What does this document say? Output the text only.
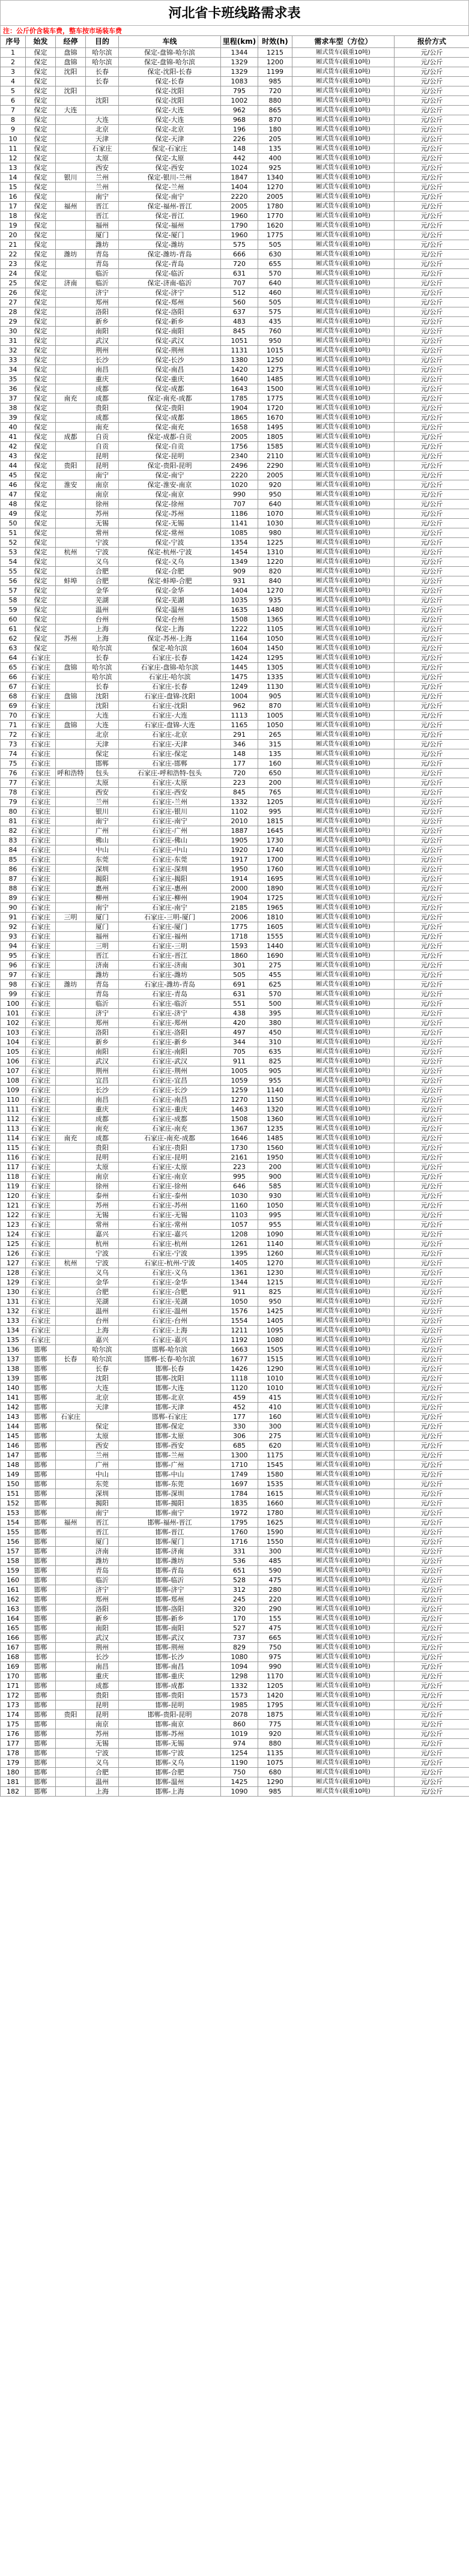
河北省卡班线路需求表
注：公斤价含装车费，整车按市场装车费
序号	始发	经停	目的	车线	里程(km)	时效(h)	需求车型（方位）	报价方式
1	保定	盘锦	哈尔滨	保定-盘锦-哈尔滨	1344	1215	厢式货车(载重10吨)	元/公斤
2	保定	盘锦	哈尔滨	保定-盘锦-哈尔滨	1329	1200	厢式货车(载重10吨)	元/公斤
3	保定	沈阳	长春	保定-沈阳-长春	1329	1199	厢式货车(载重10吨)	元/公斤
4	保定		长春	保定-长春	1083	985	厢式货车(载重10吨)	元/公斤
5	保定	沈阳		保定-沈阳	795	720	厢式货车(载重10吨)	元/公斤
6	保定		沈阳	保定-沈阳	1002	880	厢式货车(载重10吨)	元/公斤
7	保定	大连		保定-大连	962	865	厢式货车(载重10吨)	元/公斤
8	保定		大连	保定-大连	968	870	厢式货车(载重10吨)	元/公斤
9	保定		北京	保定-北京	196	180	厢式货车(载重10吨)	元/公斤
10	保定		天津	保定-天津	226	205	厢式货车(载重10吨)	元/公斤
11	保定		石家庄	保定-石家庄	148	135	厢式货车(载重10吨)	元/公斤
12	保定		太原	保定-太原	442	400	厢式货车(载重10吨)	元/公斤
13	保定		西安	保定-西安	1024	925	厢式货车(载重10吨)	元/公斤
14	保定	银川	兰州	保定-银川-兰州	1847	1340	厢式货车(载重10吨)	元/公斤
15	保定		兰州	保定-兰州	1404	1270	厢式货车(载重10吨)	元/公斤
16	保定		南宁	保定-南宁	2220	2005	厢式货车(载重10吨)	元/公斤
17	保定	福州	晋江	保定-福州-晋江	2005	1780	厢式货车(载重10吨)	元/公斤
18	保定		晋江	保定-晋江	1960	1770	厢式货车(载重10吨)	元/公斤
19	保定		福州	保定-福州	1790	1620	厢式货车(载重10吨)	元/公斤
20	保定		厦门	保定-厦门	1960	1775	厢式货车(载重10吨)	元/公斤
21	保定		潍坊	保定-潍坊	575	505	厢式货车(载重10吨)	元/公斤
22	保定	潍坊	青岛	保定-潍坊-青岛	666	630	厢式货车(载重10吨)	元/公斤
23	保定		青岛	保定-青岛	720	655	厢式货车(载重10吨)	元/公斤
24	保定		临沂	保定-临沂	631	570	厢式货车(载重10吨)	元/公斤
25	保定	济南	临沂	保定-济南-临沂	707	640	厢式货车(载重10吨)	元/公斤
26	保定		济宁	保定-济宁	512	460	厢式货车(载重10吨)	元/公斤
27	保定		郑州	保定-郑州	560	505	厢式货车(载重10吨)	元/公斤
28	保定		洛阳	保定-洛阳	637	575	厢式货车(载重10吨)	元/公斤
29	保定		新乡	保定-新乡	483	435	厢式货车(载重10吨)	元/公斤
30	保定		南阳	保定-南阳	845	760	厢式货车(载重10吨)	元/公斤
31	保定		武汉	保定-武汉	1051	950	厢式货车(载重10吨)	元/公斤
32	保定		荆州	保定-荆州	1131	1015	厢式货车(载重10吨)	元/公斤
33	保定		长沙	保定-长沙	1380	1250	厢式货车(载重10吨)	元/公斤
34	保定		南昌	保定-南昌	1420	1275	厢式货车(载重10吨)	元/公斤
35	保定		重庆	保定-重庆	1640	1485	厢式货车(载重10吨)	元/公斤
36	保定		成都	保定-成都	1643	1500	厢式货车(载重10吨)	元/公斤
37	保定	南充	成都	保定-南充-成都	1785	1775	厢式货车(载重10吨)	元/公斤
38	保定		贵阳	保定-贵阳	1904	1720	厢式货车(载重10吨)	元/公斤
39	保定		成都	保定-成都	1865	1670	厢式货车(载重10吨)	元/公斤
40	保定		南充	保定-南充	1658	1495	厢式货车(载重10吨)	元/公斤
41	保定	成都	自贡	保定-成都-自贡	2005	1805	厢式货车(载重10吨)	元/公斤
42	保定		自贡	保定-自贡	1756	1585	厢式货车(载重10吨)	元/公斤
43	保定		昆明	保定-昆明	2340	2110	厢式货车(载重10吨)	元/公斤
44	保定	贵阳	昆明	保定-贵阳-昆明	2496	2290	厢式货车(载重10吨)	元/公斤
45	保定		南宁	保定-南宁	2220	2005	厢式货车(载重10吨)	元/公斤
46	保定	淮安	南京	保定-淮安-南京	1020	920	厢式货车(载重10吨)	元/公斤
47	保定		南京	保定-南京	990	950	厢式货车(载重10吨)	元/公斤
48	保定		徐州	保定-徐州	707	640	厢式货车(载重10吨)	元/公斤
49	保定		苏州	保定-苏州	1186	1070	厢式货车(载重10吨)	元/公斤
50	保定		无锡	保定-无锡	1141	1030	厢式货车(载重10吨)	元/公斤
51	保定		常州	保定-常州	1085	980	厢式货车(载重10吨)	元/公斤
52	保定		宁波	保定-宁波	1354	1225	厢式货车(载重10吨)	元/公斤
53	保定	杭州	宁波	保定-杭州-宁波	1454	1310	厢式货车(载重10吨)	元/公斤
54	保定		义乌	保定-义乌	1349	1220	厢式货车(载重10吨)	元/公斤
55	保定		合肥	保定-合肥	909	820	厢式货车(载重10吨)	元/公斤
56	保定	蚌埠	合肥	保定-蚌埠-合肥	931	840	厢式货车(载重10吨)	元/公斤
57	保定		金华	保定-金华	1404	1270	厢式货车(载重10吨)	元/公斤
58	保定		芜湖	保定-芜湖	1035	935	厢式货车(载重10吨)	元/公斤
59	保定		温州	保定-温州	1635	1480	厢式货车(载重10吨)	元/公斤
60	保定		台州	保定-台州	1508	1365	厢式货车(载重10吨)	元/公斤
61	保定		上海	保定-上海	1222	1105	厢式货车(载重10吨)	元/公斤
62	保定	苏州	上海	保定-苏州-上海	1164	1050	厢式货车(载重10吨)	元/公斤
63	保定		哈尔滨	保定-哈尔滨	1604	1450	厢式货车(载重10吨)	元/公斤
64	石家庄		长春	石家庄-长春	1424	1295	厢式货车(载重10吨)	元/公斤
65	石家庄	盘锦	哈尔滨	石家庄-盘锦-哈尔滨	1445	1305	厢式货车(载重10吨)	元/公斤
66	石家庄		哈尔滨	石家庄-哈尔滨	1475	1335	厢式货车(载重10吨)	元/公斤
67	石家庄		长春	石家庄-长春	1249	1130	厢式货车(载重10吨)	元/公斤
68	石家庄	盘锦	沈阳	石家庄-盘锦-沈阳	1004	905	厢式货车(载重10吨)	元/公斤
69	石家庄		沈阳	石家庄-沈阳	962	870	厢式货车(载重10吨)	元/公斤
70	石家庄		大连	石家庄-大连	1113	1005	厢式货车(载重10吨)	元/公斤
71	石家庄	盘锦	大连	石家庄-盘锦-大连	1165	1050	厢式货车(载重10吨)	元/公斤
72	石家庄		北京	石家庄-北京	291	265	厢式货车(载重10吨)	元/公斤
73	石家庄		天津	石家庄-天津	346	315	厢式货车(载重10吨)	元/公斤
74	石家庄		保定	石家庄-保定	148	135	厢式货车(载重10吨)	元/公斤
75	石家庄		邯郸	石家庄-邯郸	177	160	厢式货车(载重10吨)	元/公斤
76	石家庄	呼和浩特	包头	石家庄-呼和浩特-包头	720	650	厢式货车(载重10吨)	元/公斤
77	石家庄		太原	石家庄-太原	223	200	厢式货车(载重10吨)	元/公斤
78	石家庄		西安	石家庄-西安	845	765	厢式货车(载重10吨)	元/公斤
79	石家庄		兰州	石家庄-兰州	1332	1205	厢式货车(载重10吨)	元/公斤
80	石家庄		银川	石家庄-银川	1102	995	厢式货车(载重10吨)	元/公斤
81	石家庄		南宁	石家庄-南宁	2010	1815	厢式货车(载重10吨)	元/公斤
82	石家庄		广州	石家庄-广州	1887	1645	厢式货车(载重10吨)	元/公斤
83	石家庄		佛山	石家庄-佛山	1905	1730	厢式货车(载重10吨)	元/公斤
84	石家庄		中山	石家庄-中山	1920	1740	厢式货车(载重10吨)	元/公斤
85	石家庄		东莞	石家庄-东莞	1917	1700	厢式货车(载重10吨)	元/公斤
86	石家庄		深圳	石家庄-深圳	1950	1760	厢式货车(载重10吨)	元/公斤
87	石家庄		揭阳	石家庄-揭阳	1914	1695	厢式货车(载重10吨)	元/公斤
88	石家庄		惠州	石家庄-惠州	2000	1890	厢式货车(载重10吨)	元/公斤
89	石家庄		柳州	石家庄-柳州	1904	1725	厢式货车(载重10吨)	元/公斤
90	石家庄		南宁	石家庄-南宁	2185	1965	厢式货车(载重10吨)	元/公斤
91	石家庄	三明	厦门	石家庄-三明-厦门	2006	1810	厢式货车(载重10吨)	元/公斤
92	石家庄		厦门	石家庄-厦门	1775	1605	厢式货车(载重10吨)	元/公斤
93	石家庄		福州	石家庄-福州	1718	1555	厢式货车(载重10吨)	元/公斤
94	石家庄		三明	石家庄-三明	1593	1440	厢式货车(载重10吨)	元/公斤
95	石家庄		晋江	石家庄-晋江	1860	1690	厢式货车(载重10吨)	元/公斤
96	石家庄		济南	石家庄-济南	301	275	厢式货车(载重10吨)	元/公斤
97	石家庄		潍坊	石家庄-潍坊	505	455	厢式货车(载重10吨)	元/公斤
98	石家庄	潍坊	青岛	石家庄-潍坊-青岛	691	625	厢式货车(载重10吨)	元/公斤
99	石家庄		青岛	石家庄-青岛	631	570	厢式货车(载重10吨)	元/公斤
100	石家庄		临沂	石家庄-临沂	551	500	厢式货车(载重10吨)	元/公斤
101	石家庄		济宁	石家庄-济宁	438	395	厢式货车(载重10吨)	元/公斤
102	石家庄		郑州	石家庄-郑州	420	380	厢式货车(载重10吨)	元/公斤
103	石家庄		洛阳	石家庄-洛阳	497	450	厢式货车(载重10吨)	元/公斤
104	石家庄		新乡	石家庄-新乡	344	310	厢式货车(载重10吨)	元/公斤
105	石家庄		南阳	石家庄-南阳	705	635	厢式货车(载重10吨)	元/公斤
106	石家庄		武汉	石家庄-武汉	911	825	厢式货车(载重10吨)	元/公斤
107	石家庄		荆州	石家庄-荆州	1005	905	厢式货车(载重10吨)	元/公斤
108	石家庄		宜昌	石家庄-宜昌	1059	955	厢式货车(载重10吨)	元/公斤
109	石家庄		长沙	石家庄-长沙	1259	1140	厢式货车(载重10吨)	元/公斤
110	石家庄		南昌	石家庄-南昌	1270	1150	厢式货车(载重10吨)	元/公斤
111	石家庄		重庆	石家庄-重庆	1463	1320	厢式货车(载重10吨)	元/公斤
112	石家庄		成都	石家庄-成都	1508	1360	厢式货车(载重10吨)	元/公斤
113	石家庄		南充	石家庄-南充	1367	1235	厢式货车(载重10吨)	元/公斤
114	石家庄	南充	成都	石家庄-南充-成都	1646	1485	厢式货车(载重10吨)	元/公斤
115	石家庄		贵阳	石家庄-贵阳	1730	1560	厢式货车(载重10吨)	元/公斤
116	石家庄		昆明	石家庄-昆明	2161	1950	厢式货车(载重10吨)	元/公斤
117	石家庄		太原	石家庄-太原	223	200	厢式货车(载重10吨)	元/公斤
118	石家庄		南京	石家庄-南京	995	900	厢式货车(载重10吨)	元/公斤
119	石家庄		徐州	石家庄-徐州	646	585	厢式货车(载重10吨)	元/公斤
120	石家庄		泰州	石家庄-泰州	1030	930	厢式货车(载重10吨)	元/公斤
121	石家庄		苏州	石家庄-苏州	1160	1050	厢式货车(载重10吨)	元/公斤
122	石家庄		无锡	石家庄-无锡	1103	995	厢式货车(载重10吨)	元/公斤
123	石家庄		常州	石家庄-常州	1057	955	厢式货车(载重10吨)	元/公斤
124	石家庄		嘉兴	石家庄-嘉兴	1208	1090	厢式货车(载重10吨)	元/公斤
125	石家庄		杭州	石家庄-杭州	1261	1140	厢式货车(载重10吨)	元/公斤
126	石家庄		宁波	石家庄-宁波	1395	1260	厢式货车(载重10吨)	元/公斤
127	石家庄	杭州	宁波	石家庄-杭州-宁波	1405	1270	厢式货车(载重10吨)	元/公斤
128	石家庄		义乌	石家庄-义乌	1361	1230	厢式货车(载重10吨)	元/公斤
129	石家庄		金华	石家庄-金华	1344	1215	厢式货车(载重10吨)	元/公斤
130	石家庄		合肥	石家庄-合肥	911	825	厢式货车(载重10吨)	元/公斤
131	石家庄		芜湖	石家庄-芜湖	1050	950	厢式货车(载重10吨)	元/公斤
132	石家庄		温州	石家庄-温州	1576	1425	厢式货车(载重10吨)	元/公斤
133	石家庄		台州	石家庄-台州	1554	1405	厢式货车(载重10吨)	元/公斤
134	石家庄		上海	石家庄-上海	1211	1095	厢式货车(载重10吨)	元/公斤
135	石家庄		嘉兴	石家庄-嘉兴	1192	1080	厢式货车(载重10吨)	元/公斤
136	邯郸		哈尔滨	邯郸-哈尔滨	1663	1505	厢式货车(载重10吨)	元/公斤
137	邯郸	长春	哈尔滨	邯郸-长春-哈尔滨	1677	1515	厢式货车(载重10吨)	元/公斤
138	邯郸		长春	邯郸-长春	1426	1290	厢式货车(载重10吨)	元/公斤
139	邯郸		沈阳	邯郸-沈阳	1118	1010	厢式货车(载重10吨)	元/公斤
140	邯郸		大连	邯郸-大连	1120	1010	厢式货车(载重10吨)	元/公斤
141	邯郸		北京	邯郸-北京	459	415	厢式货车(载重10吨)	元/公斤
142	邯郸		天津	邯郸-天津	452	410	厢式货车(载重10吨)	元/公斤
143	邯郸	石家庄		邯郸-石家庄	177	160	厢式货车(载重10吨)	元/公斤
144	邯郸		保定	邯郸-保定	330	300	厢式货车(载重10吨)	元/公斤
145	邯郸		太原	邯郸-太原	306	275	厢式货车(载重10吨)	元/公斤
146	邯郸		西安	邯郸-西安	685	620	厢式货车(载重10吨)	元/公斤
147	邯郸		兰州	邯郸-兰州	1300	1175	厢式货车(载重10吨)	元/公斤
148	邯郸		广州	邯郸-广州	1710	1545	厢式货车(载重10吨)	元/公斤
149	邯郸		中山	邯郸-中山	1749	1580	厢式货车(载重10吨)	元/公斤
150	邯郸		东莞	邯郸-东莞	1697	1535	厢式货车(载重10吨)	元/公斤
151	邯郸		深圳	邯郸-深圳	1784	1615	厢式货车(载重10吨)	元/公斤
152	邯郸		揭阳	邯郸-揭阳	1835	1660	厢式货车(载重10吨)	元/公斤
153	邯郸		南宁	邯郸-南宁	1972	1780	厢式货车(载重10吨)	元/公斤
154	邯郸	福州	晋江	邯郸-福州-晋江	1795	1625	厢式货车(载重10吨)	元/公斤
155	邯郸		晋江	邯郸-晋江	1760	1590	厢式货车(载重10吨)	元/公斤
156	邯郸		厦门	邯郸-厦门	1716	1550	厢式货车(载重10吨)	元/公斤
157	邯郸		济南	邯郸-济南	331	300	厢式货车(载重10吨)	元/公斤
158	邯郸		潍坊	邯郸-潍坊	536	485	厢式货车(载重10吨)	元/公斤
159	邯郸		青岛	邯郸-青岛	651	590	厢式货车(载重10吨)	元/公斤
160	邯郸		临沂	邯郸-临沂	528	475	厢式货车(载重10吨)	元/公斤
161	邯郸		济宁	邯郸-济宁	312	280	厢式货车(载重10吨)	元/公斤
162	邯郸		郑州	邯郸-郑州	245	220	厢式货车(载重10吨)	元/公斤
163	邯郸		洛阳	邯郸-洛阳	320	290	厢式货车(载重10吨)	元/公斤
164	邯郸		新乡	邯郸-新乡	170	155	厢式货车(载重10吨)	元/公斤
165	邯郸		南阳	邯郸-南阳	527	475	厢式货车(载重10吨)	元/公斤
166	邯郸		武汉	邯郸-武汉	737	665	厢式货车(载重10吨)	元/公斤
167	邯郸		荆州	邯郸-荆州	829	750	厢式货车(载重10吨)	元/公斤
168	邯郸		长沙	邯郸-长沙	1080	975	厢式货车(载重10吨)	元/公斤
169	邯郸		南昌	邯郸-南昌	1094	990	厢式货车(载重10吨)	元/公斤
170	邯郸		重庆	邯郸-重庆	1298	1170	厢式货车(载重10吨)	元/公斤
171	邯郸		成都	邯郸-成都	1332	1205	厢式货车(载重10吨)	元/公斤
172	邯郸		贵阳	邯郸-贵阳	1573	1420	厢式货车(载重10吨)	元/公斤
173	邯郸		昆明	邯郸-昆明	1985	1795	厢式货车(载重10吨)	元/公斤
174	邯郸	贵阳	昆明	邯郸-贵阳-昆明	2078	1875	厢式货车(载重10吨)	元/公斤
175	邯郸		南京	邯郸-南京	860	775	厢式货车(载重10吨)	元/公斤
176	邯郸		苏州	邯郸-苏州	1019	920	厢式货车(载重10吨)	元/公斤
177	邯郸		无锡	邯郸-无锡	974	880	厢式货车(载重10吨)	元/公斤
178	邯郸		宁波	邯郸-宁波	1254	1135	厢式货车(载重10吨)	元/公斤
179	邯郸		义乌	邯郸-义乌	1190	1075	厢式货车(载重10吨)	元/公斤
180	邯郸		合肥	邯郸-合肥	750	680	厢式货车(载重10吨)	元/公斤
181	邯郸		温州	邯郸-温州	1425	1290	厢式货车(载重10吨)	元/公斤
182	邯郸		上海	邯郸-上海	1090	985	厢式货车(载重10吨)	元/公斤
